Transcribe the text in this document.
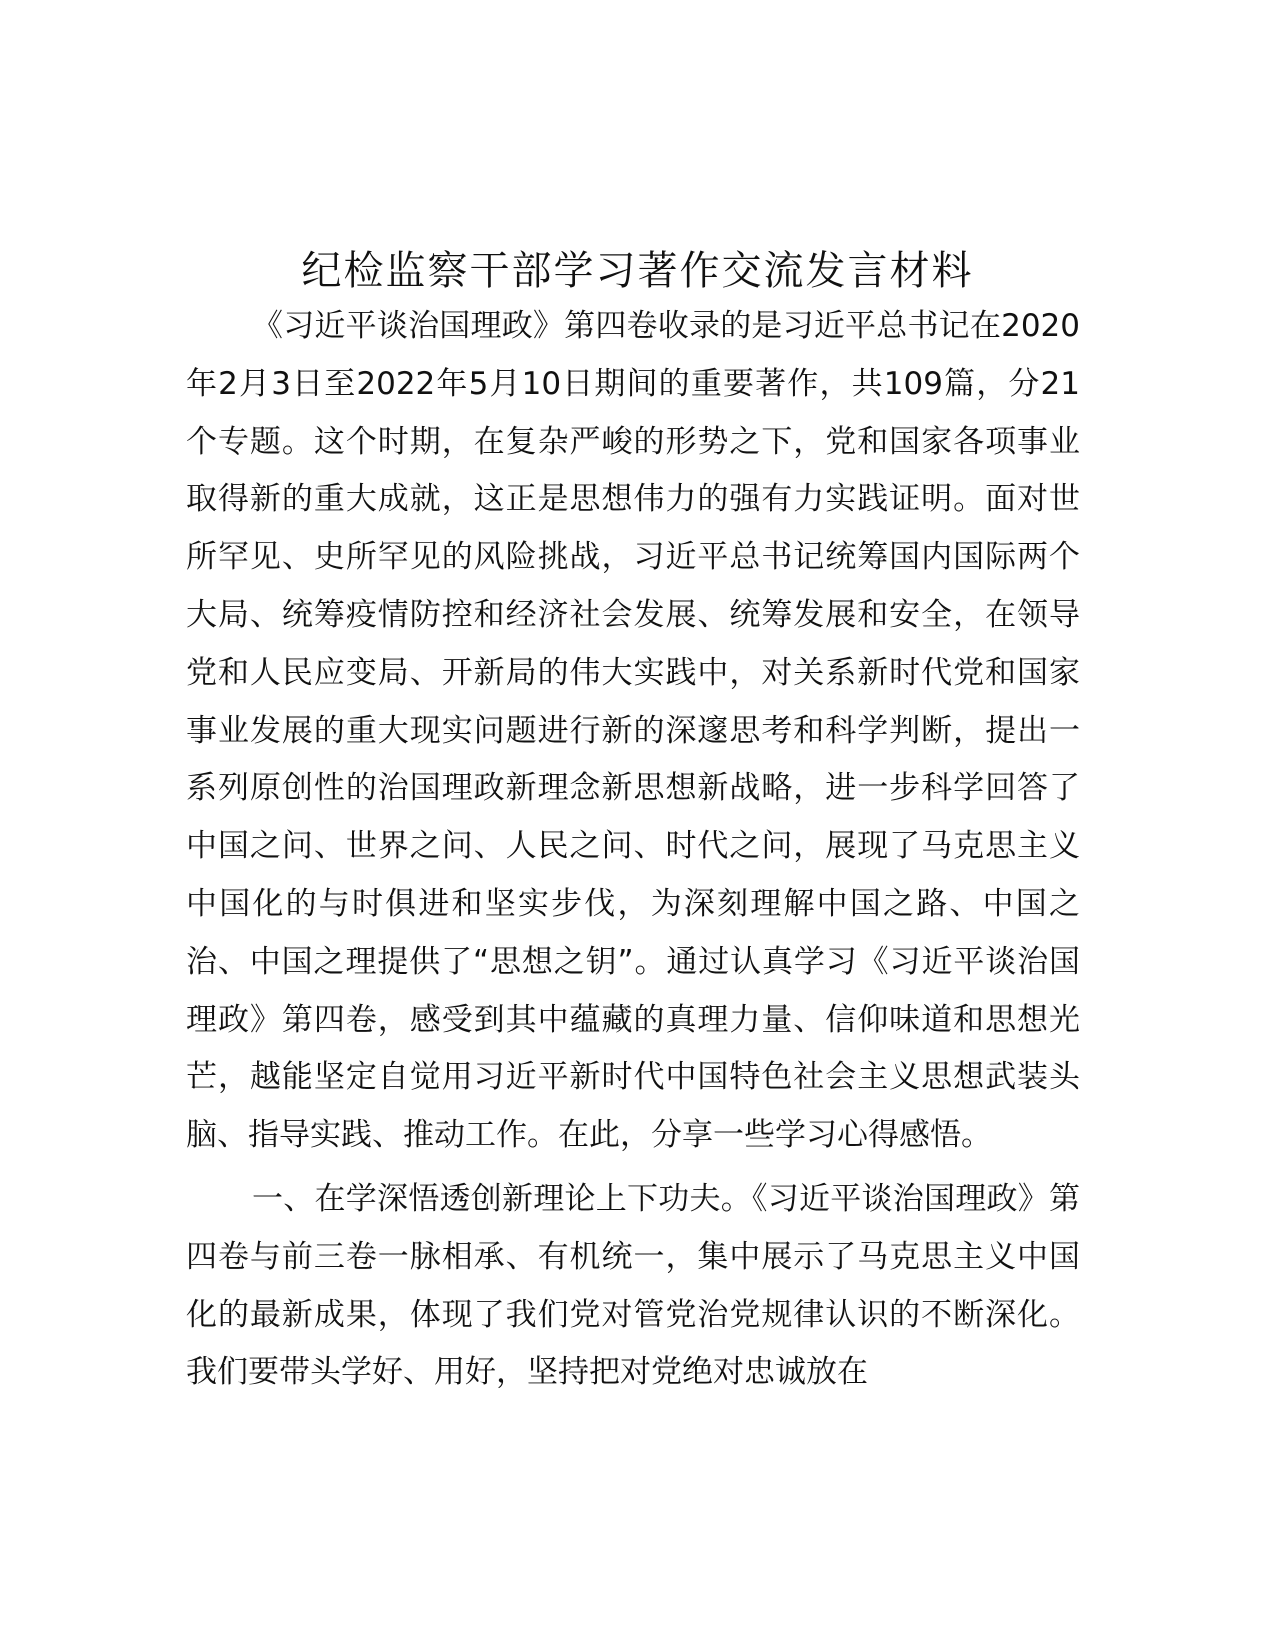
纪检监察干部学习著作交流发言材料

《习近平谈治国理政》第四卷收录的是习近平总书记在2020年2月3日至2022年5月10日期间的重要著作，共109篇，分21个专题。这个时期，在复杂严峻的形势之下，党和国家各项事业取得新的重大成就，这正是思想伟力的强有力实践证明。面对世所罕见、史所罕见的风险挑战，习近平总书记统筹国内国际两个大局、统筹疫情防控和经济社会发展、统筹发展和安全，在领导党和人民应变局、开新局的伟大实践中，对关系新时代党和国家事业发展的重大现实问题进行新的深邃思考和科学判断，提出一系列原创性的治国理政新理念新思想新战略，进一步科学回答了中国之问、世界之问、人民之问、时代之问，展现了马克思主义中国化的与时俱进和坚实步伐，为深刻理解中国之路、中国之治、中国之理提供了“思想之钥”。通过认真学习《习近平谈治国理政》第四卷，感受到其中蕴藏的真理力量、信仰味道和思想光芒，越能坚定自觉用习近平新时代中国特色社会主义思想武装头脑、指导实践、推动工作。在此，分享一些学习心得感悟。

一、在学深悟透创新理论上下功夫。《习近平谈治国理政》第四卷与前三卷一脉相承、有机统一，集中展示了马克思主义中国化的最新成果，体现了我们党对管党治党规律认识的不断深化。我们要带头学好、用好，坚持把对党绝对忠诚放在
